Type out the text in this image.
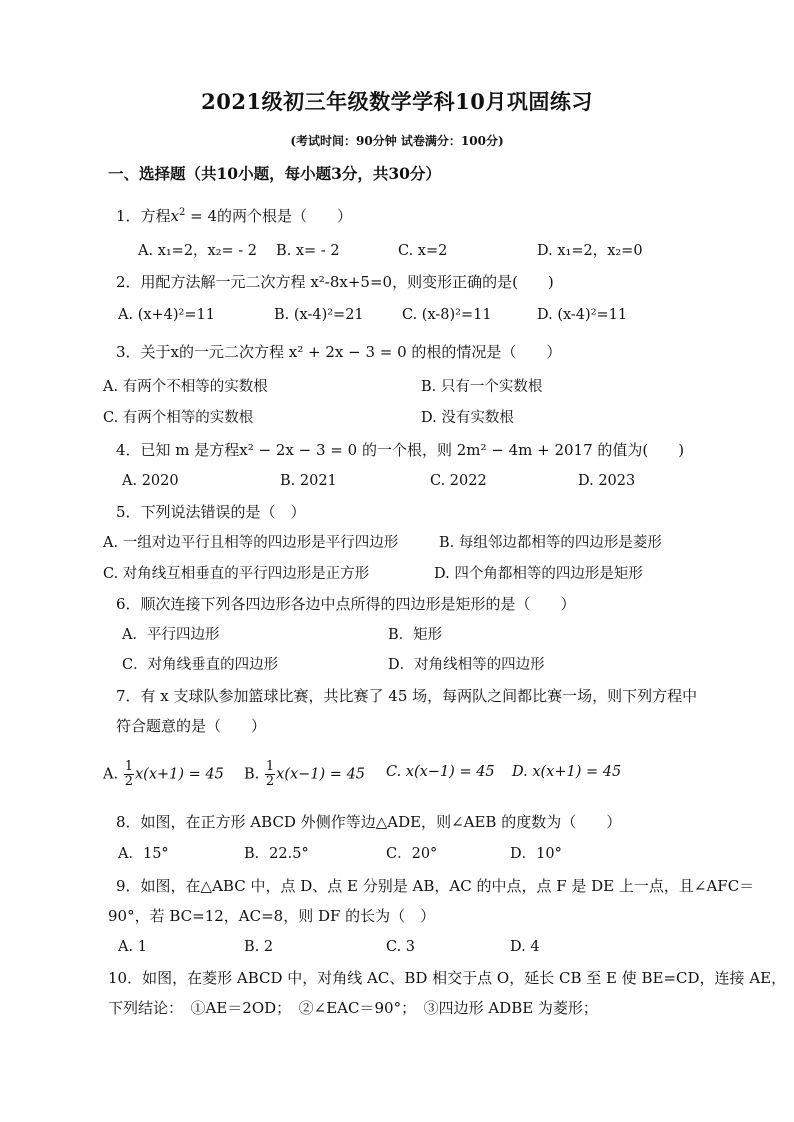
2021级初三年级数学学科10月巩固练习
(考试时间：90分钟 试卷满分：100分)
一、选择题（共10小题，每小题3分，共30分）
1．方程$x^2 = 4$的两个根是（　　）
A. x₁=2，x₂= - 2 B. x= - 2	C. x=2	D. x₁=2，x₂=0
2．用配方法解一元二次方程 x²-8x+5=0，则变形正确的是(　　)
A. (x+4)²=11	B. (x-4)²=21	C. (x-8)²=11	D. (x-4)²=11
3．关于x的一元二次方程 x² + 2x − 3 = 0 的根的情况是（　　）
A. 有两个不相等的实数根	B. 只有一个实数根
C. 有两个相等的实数根	D. 没有实数根
4．已知 m 是方程x² − 2x − 3 = 0 的一个根，则 2m² − 4m + 2017 的值为(　　)
A. 2020	B. 2021	C. 2022	D. 2023
5．下列说法错误的是（　）
A. 一组对边平行且相等的四边形是平行四边形	B. 每组邻边都相等的四边形是菱形
C. 对角线互相垂直的平行四边形是正方形	D. 四个角都相等的四边形是矩形
6．顺次连接下列各四边形各边中点所得的四边形是矩形的是（　　）
A．平行四边形	B．矩形
C．对角线垂直的四边形	D．对角线相等的四边形
7．有 x 支球队参加篮球比赛，共比赛了 45 场，每两队之间都比赛一场，则下列方程中
符合题意的是（　　）
A. $\frac{1}{2} x(x+1) = 45$ B. $\frac{1}{2} x(x-1) = 45$ C. x(x−1) = 45 D. x(x+1) = 45
8．如图，在正方形 ABCD 外侧作等边△ADE，则∠AEB 的度数为（　　）
A．15°	B．22.5°	C．20°	D．10°
9．如图，在△ABC 中，点 D、点 E 分别是 AB，AC 的中点，点 F 是 DE 上一点，且∠AFC＝
90°，若 BC=12，AC=8，则 DF 的长为（　）
A. 1	B. 2	C. 3	D. 4
10．如图，在菱形 ABCD 中，对角线 AC、BD 相交于点 O，延长 CB 至 E 使 BE=CD，连接 AE，
下列结论：　①AE＝2OD；　②∠EAC＝90°；　③四边形 ADBE 为菱形；
